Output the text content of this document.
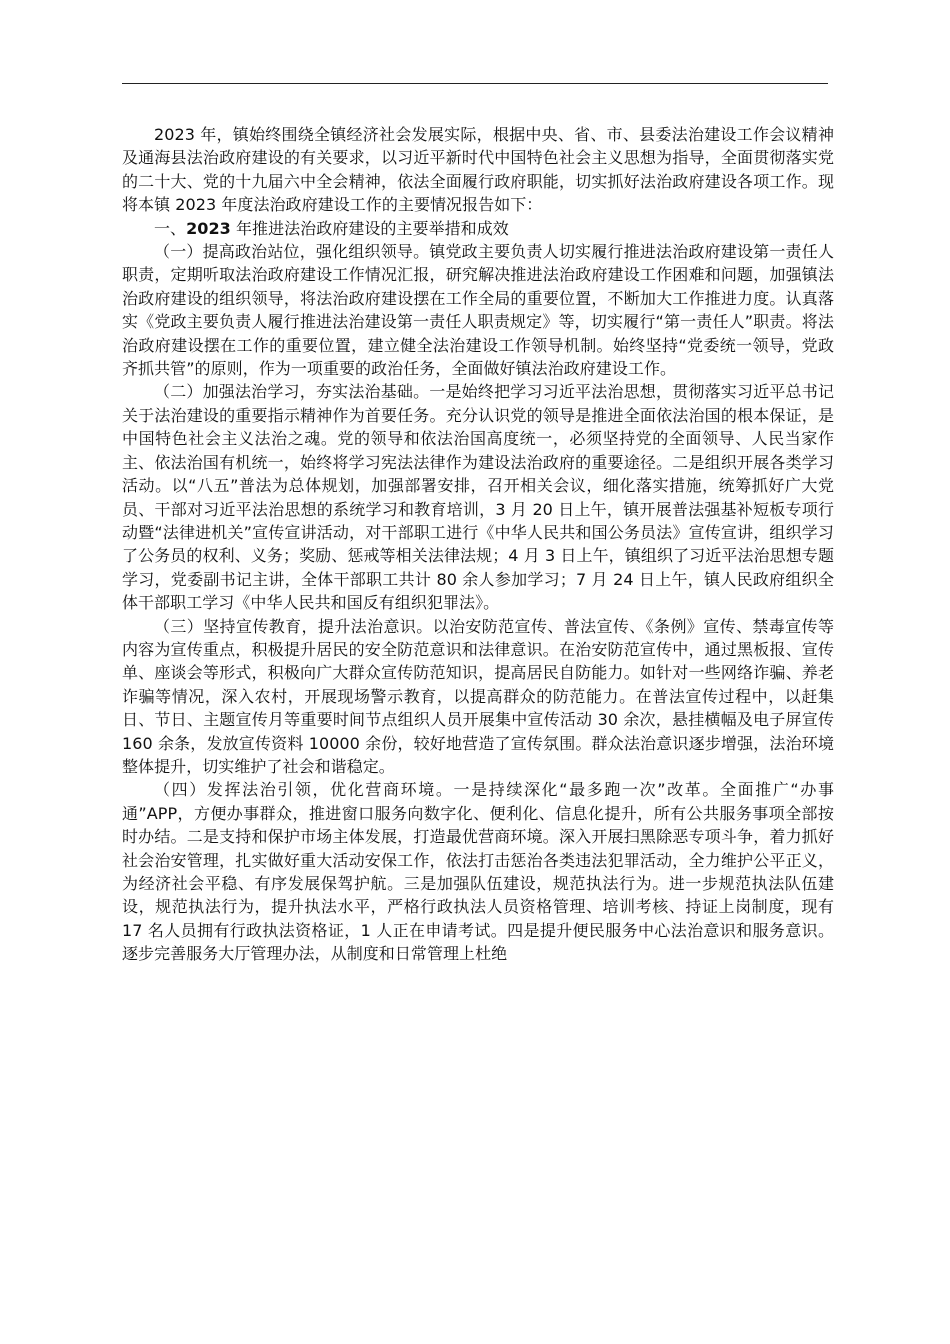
2023 年，镇始终围绕全镇经济社会发展实际，根据中央、省、市、县委法治建设工作会议精神及通海县法治政府建设的有关要求，以习近平新时代中国特色社会主义思想为指导，全面贯彻落实党的二十大、党的十九届六中全会精神，依法全面履行政府职能，切实抓好法治政府建设各项工作。现将本镇 2023 年度法治政府建设工作的主要情况报告如下：

一、2023 年推进法治政府建设的主要举措和成效

（一）提高政治站位，强化组织领导。镇党政主要负责人切实履行推进法治政府建设第一责任人职责，定期听取法治政府建设工作情况汇报，研究解决推进法治政府建设工作困难和问题，加强镇法治政府建设的组织领导，将法治政府建设摆在工作全局的重要位置，不断加大工作推进力度。认真落实《党政主要负责人履行推进法治建设第一责任人职责规定》等，切实履行“第一责任人”职责。将法治政府建设摆在工作的重要位置，建立健全法治建设工作领导机制。始终坚持“党委统一领导，党政齐抓共管”的原则，作为一项重要的政治任务，全面做好镇法治政府建设工作。

（二）加强法治学习，夯实法治基础。一是始终把学习习近平法治思想，贯彻落实习近平总书记关于法治建设的重要指示精神作为首要任务。充分认识党的领导是推进全面依法治国的根本保证，是中国特色社会主义法治之魂。党的领导和依法治国高度统一，必须坚持党的全面领导、人民当家作主、依法治国有机统一，始终将学习宪法法律作为建设法治政府的重要途径。二是组织开展各类学习活动。以“八五”普法为总体规划，加强部署安排，召开相关会议，细化落实措施，统筹抓好广大党员、干部对习近平法治思想的系统学习和教育培训，3 月 20 日上午，镇开展普法强基补短板专项行动暨“法律进机关”宣传宣讲活动，对干部职工进行《中华人民共和国公务员法》宣传宣讲，组织学习了公务员的权利、义务；奖励、惩戒等相关法律法规；4 月 3 日上午，镇组织了习近平法治思想专题学习，党委副书记主讲，全体干部职工共计 80 余人参加学习；7 月 24 日上午，镇人民政府组织全体干部职工学习《中华人民共和国反有组织犯罪法》。

（三）坚持宣传教育，提升法治意识。以治安防范宣传、普法宣传、《条例》宣传、禁毒宣传等内容为宣传重点，积极提升居民的安全防范意识和法律意识。在治安防范宣传中，通过黑板报、宣传单、座谈会等形式，积极向广大群众宣传防范知识，提高居民自防能力。如针对一些网络诈骗、养老诈骗等情况，深入农村，开展现场警示教育，以提高群众的防范能力。在普法宣传过程中，以赶集日、节日、主题宣传月等重要时间节点组织人员开展集中宣传活动 30 余次，悬挂横幅及电子屏宣传 160 余条，发放宣传资料 10000 余份，较好地营造了宣传氛围。群众法治意识逐步增强，法治环境整体提升，切实维护了社会和谐稳定。

（四）发挥法治引领，优化营商环境。一是持续深化“最多跑一次”改革。全面推广“办事通”APP，方便办事群众，推进窗口服务向数字化、便利化、信息化提升，所有公共服务事项全部按时办结。二是支持和保护市场主体发展，打造最优营商环境。深入开展扫黑除恶专项斗争，着力抓好社会治安管理，扎实做好重大活动安保工作，依法打击惩治各类违法犯罪活动，全力维护公平正义，为经济社会平稳、有序发展保驾护航。三是加强队伍建设，规范执法行为。进一步规范执法队伍建设，规范执法行为，提升执法水平，严格行政执法人员资格管理、培训考核、持证上岗制度，现有 17 名人员拥有行政执法资格证，1 人正在申请考试。四是提升便民服务中心法治意识和服务意识。逐步完善服务大厅管理办法，从制度和日常管理上杜绝
